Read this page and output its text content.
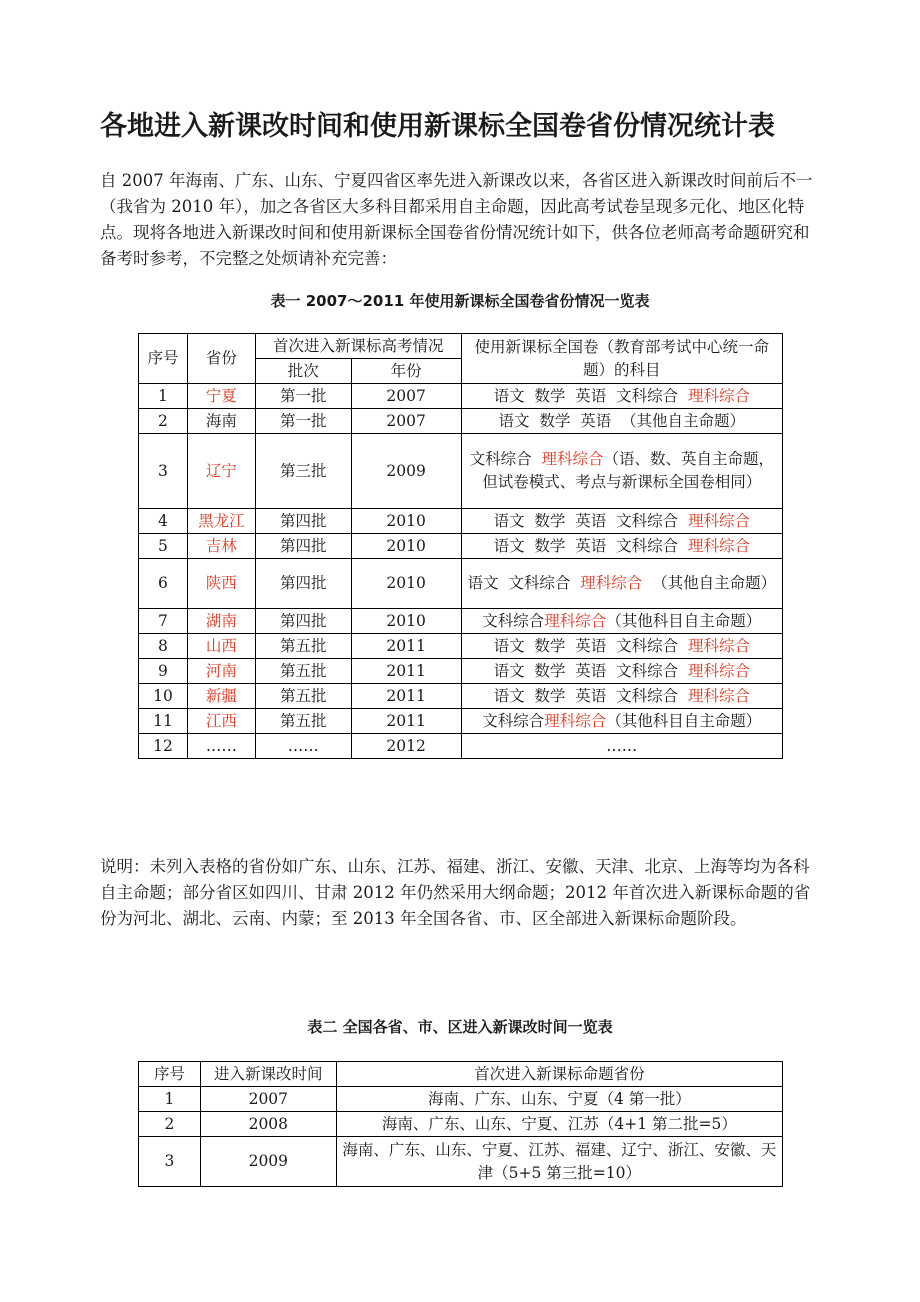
各地进入新课改时间和使用新课标全国卷省份情况统计表

自 2007 年海南、广东、山东、宁夏四省区率先进入新课改以来，各省区进入新课改时间前后不一（我省为 2010 年），加之各省区大多科目都采用自主命题，因此高考试卷呈现多元化、地区化特点。现将各地进入新课改时间和使用新课标全国卷省份情况统计如下，供各位老师高考命题研究和备考时参考，不完整之处烦请补充完善：

表一 2007～2011 年使用新课标全国卷省份情况一览表

序号	省份	首次进入新课标高考情况		使用新课标全国卷（教育部考试中心统一命题）的科目
		批次	年份	
1	宁夏	第一批	2007	语文  数学  英语  文科综合  理科综合
2	海南	第一批	2007	语文  数学  英语  （其他自主命题）
3	辽宁	第三批	2009	文科综合  理科综合（语、数、英自主命题，但试卷模式、考点与新课标全国卷相同）
4	黑龙江	第四批	2010	语文  数学  英语  文科综合  理科综合
5	吉林	第四批	2010	语文  数学  英语  文科综合  理科综合
6	陕西	第四批	2010	语文  文科综合  理科综合  （其他自主命题）
7	湖南	第四批	2010	文科综合理科综合（其他科目自主命题）
8	山西	第五批	2011	语文  数学  英语  文科综合  理科综合
9	河南	第五批	2011	语文  数学  英语  文科综合  理科综合
10	新疆	第五批	2011	语文  数学  英语  文科综合  理科综合
11	江西	第五批	2011	文科综合理科综合（其他科目自主命题）
12	……	……	2012	……

说明：未列入表格的省份如广东、山东、江苏、福建、浙江、安徽、天津、北京、上海等均为各科自主命题；部分省区如四川、甘肃 2012 年仍然采用大纲命题；2012 年首次进入新课标命题的省份为河北、湖北、云南、内蒙；至 2013 年全国各省、市、区全部进入新课标命题阶段。

表二 全国各省、市、区进入新课改时间一览表

序号	进入新课改时间	首次进入新课标命题省份
1	2007	海南、广东、山东、宁夏（4 第一批）
2	2008	海南、广东、山东、宁夏、江苏（4+1 第二批=5）
3	2009	海南、广东、山东、宁夏、江苏、福建、辽宁、浙江、安徽、天津（5+5 第三批=10）
